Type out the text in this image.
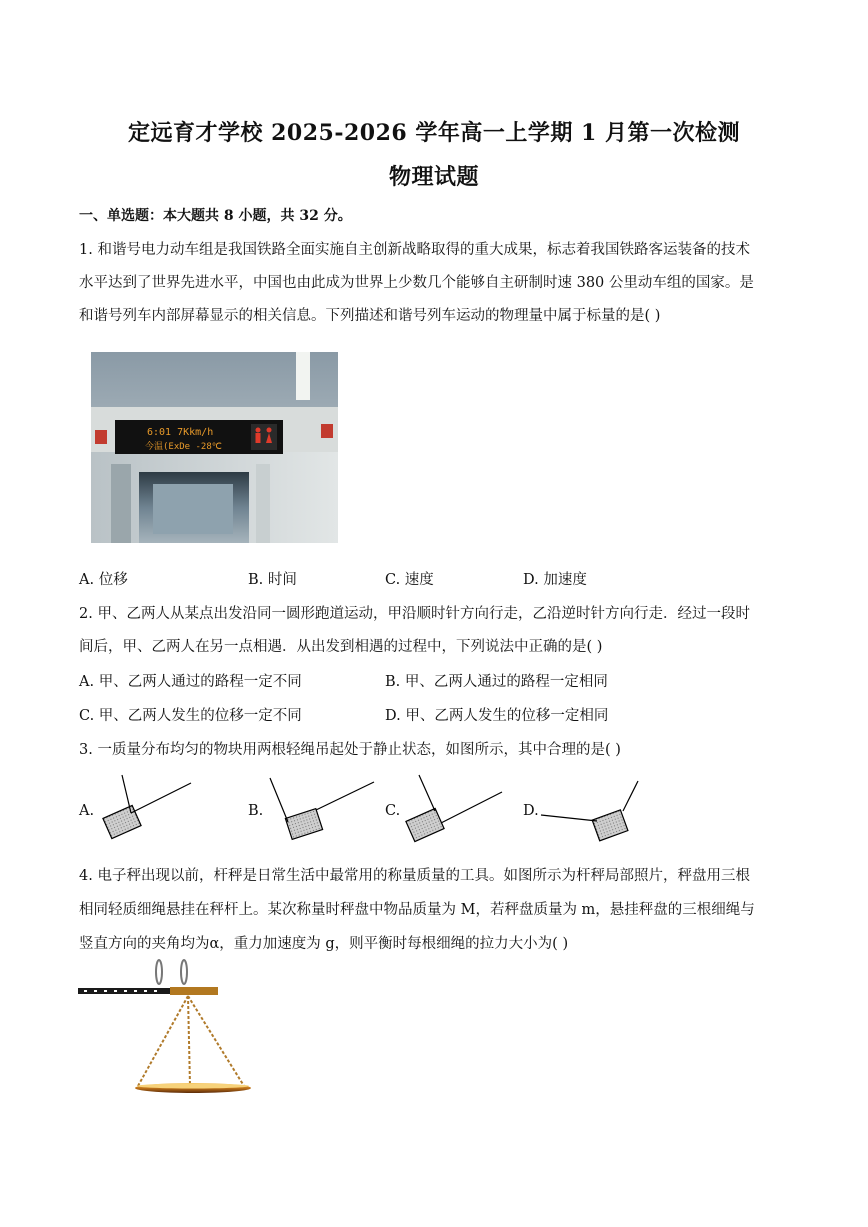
定远育才学校 2025-2026 学年高一上学期 1 月第一次检测
物理试题
一、单选题：本大题共 8 小题，共 32 分。
1. 和谐号电力动车组是我国铁路全面实施自主创新战略取得的重大成果，标志着我国铁路客运装备的技术
水平达到了世界先进水平，中国也由此成为世界上少数几个能够自主研制时速 380 公里动车组的国家。是
和谐号列车内部屏幕显示的相关信息。下列描述和谐号列车运动的物理量中属于标量的是( )
6:01 7Kkm/h
今温(ExDe -28℃
A. 位移	B. 时间	C. 速度	D. 加速度
2. 甲、乙两人从某点出发沿同一圆形跑道运动，甲沿顺时针方向行走，乙沿逆时针方向行走．经过一段时
间后，甲、乙两人在另一点相遇．从出发到相遇的过程中，下列说法中正确的是( )
A. 甲、乙两人通过的路程一定不同	B. 甲、乙两人通过的路程一定相同
C. 甲、乙两人发生的位移一定不同	D. 甲、乙两人发生的位移一定相同
3. 一质量分布均匀的物块用两根轻绳吊起处于静止状态，如图所示，其中合理的是( )
A.	B.	C.	D.
4. 电子秤出现以前，杆秤是日常生活中最常用的称量质量的工具。如图所示为杆秤局部照片，秤盘用三根
相同轻质细绳悬挂在秤杆上。某次称量时秤盘中物品质量为 M，若秤盘质量为 m，悬挂秤盘的三根细绳与
竖直方向的夹角均为α，重力加速度为 g，则平衡时每根细绳的拉力大小为( )
